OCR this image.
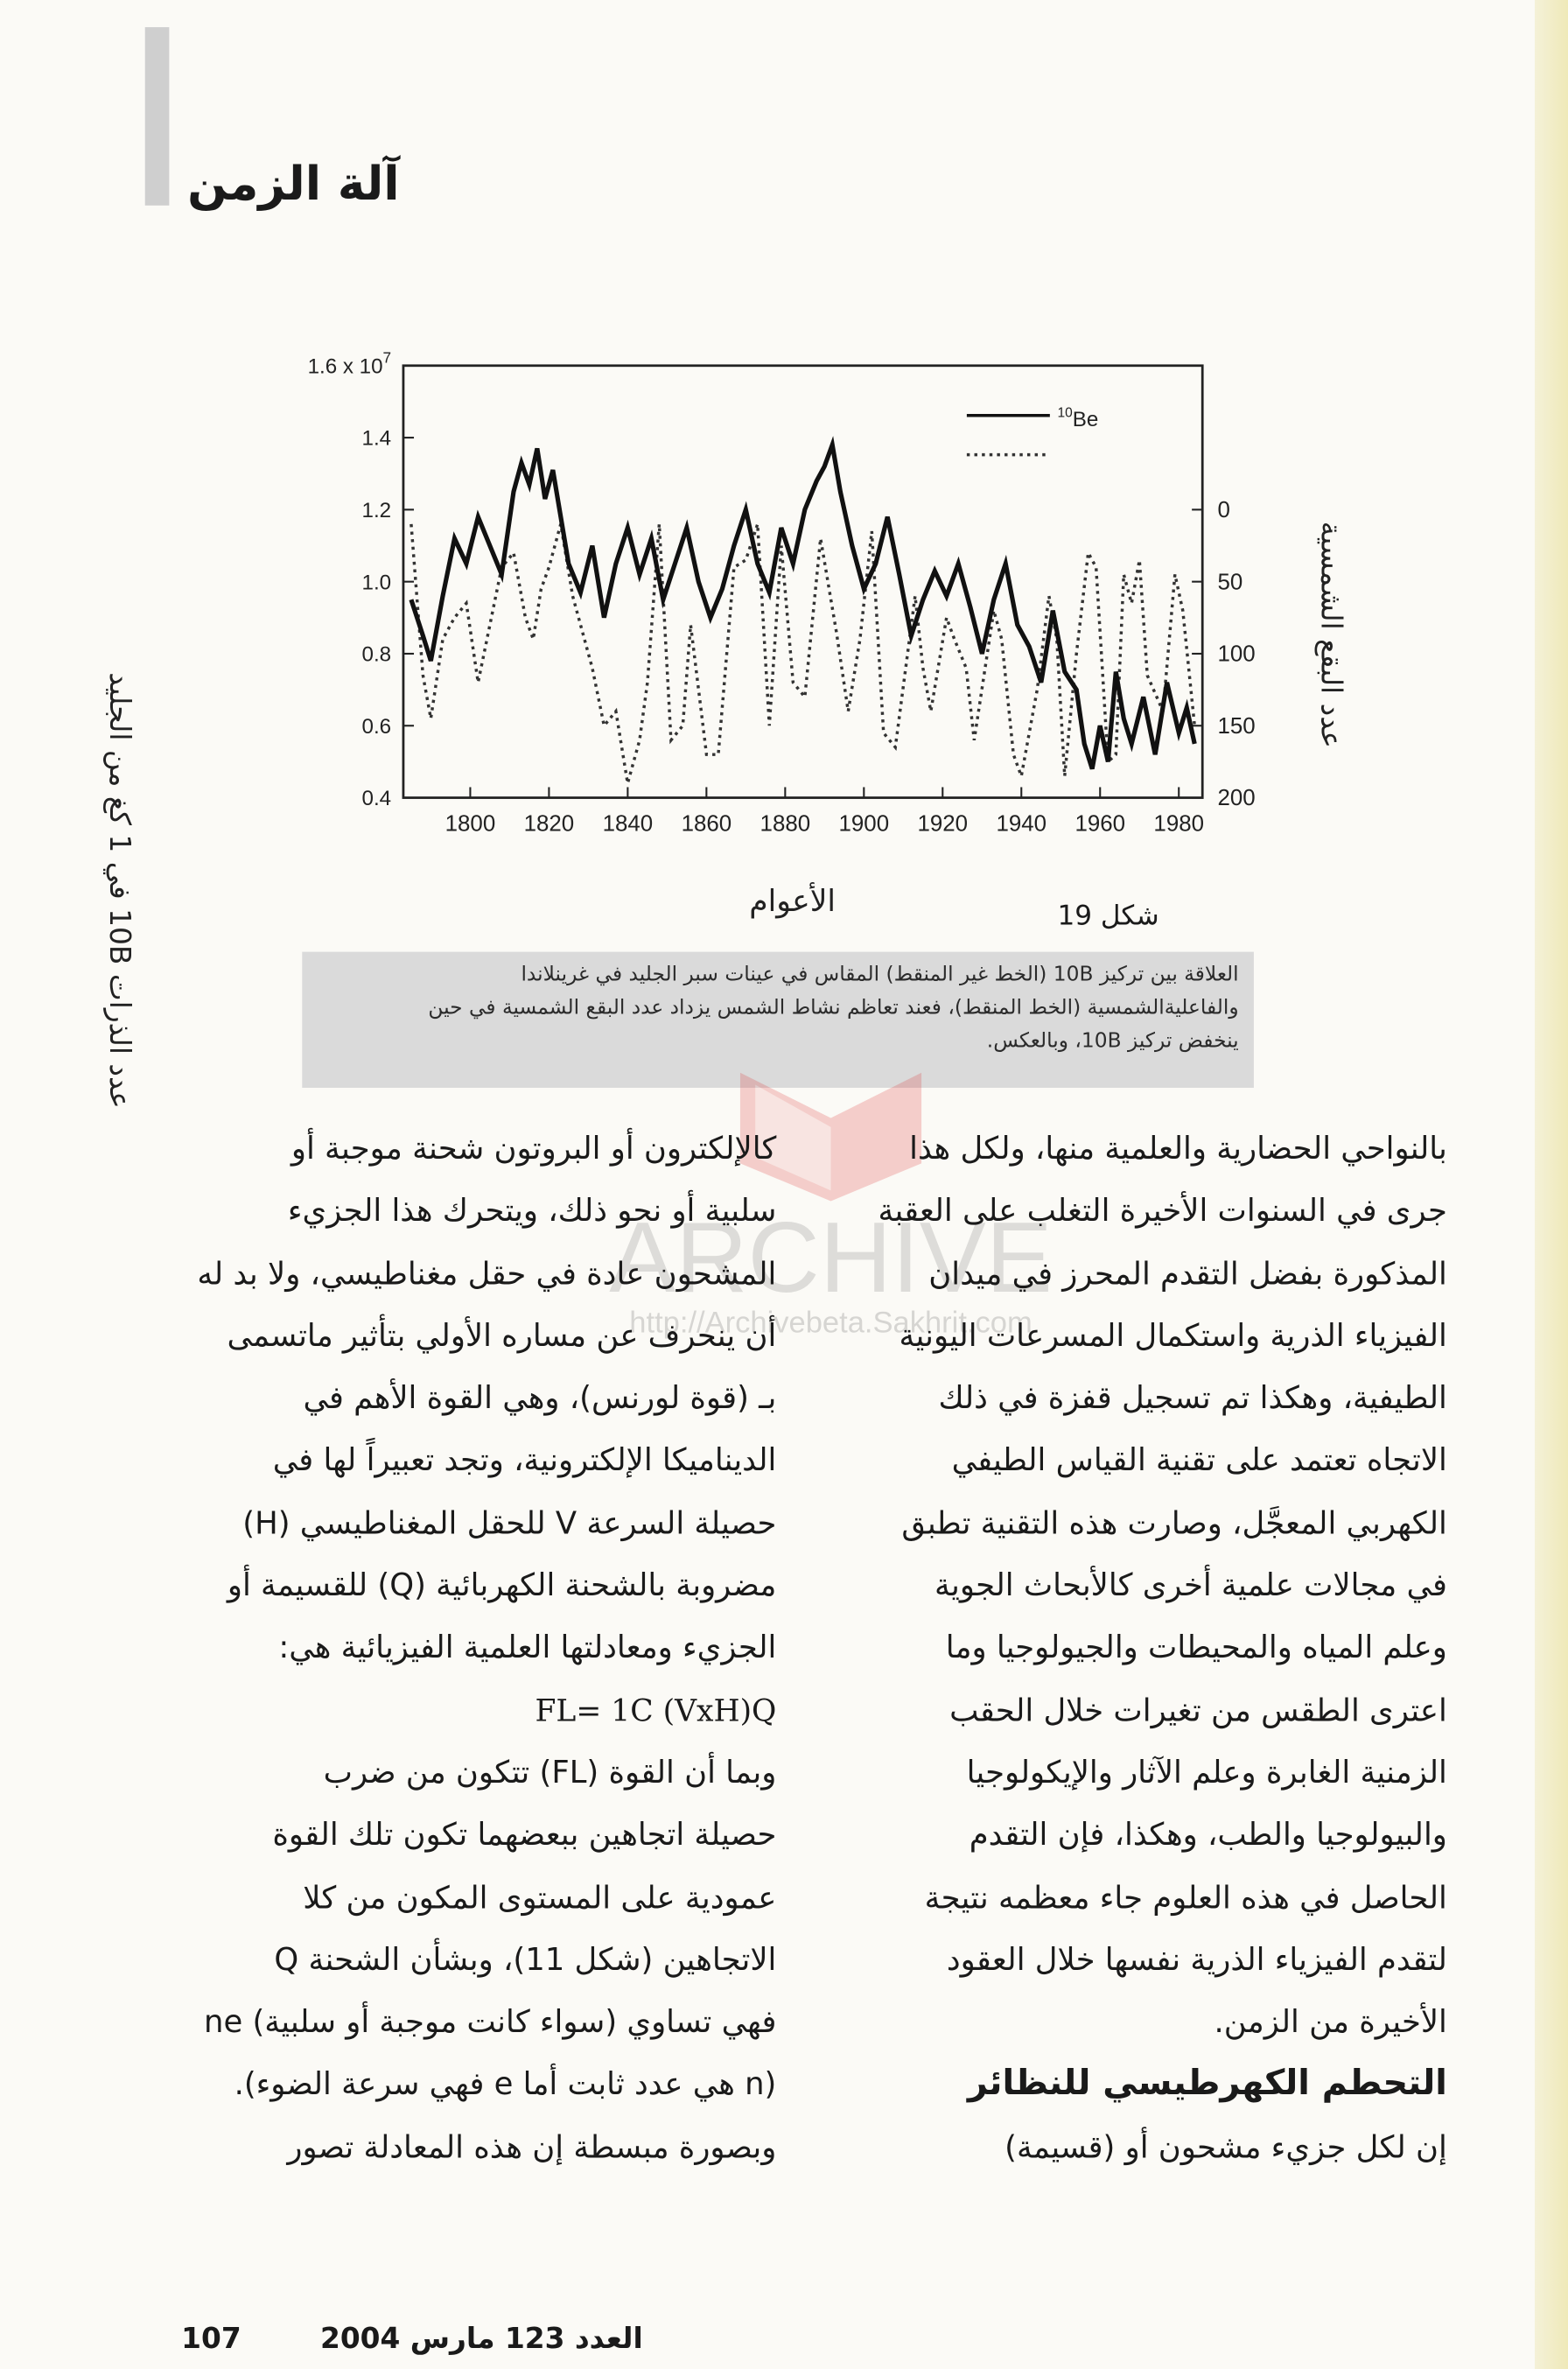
آلة الزمن
1800 1820 1840 1860 1880 1900 1920 1940 1960 1980
0.4
0.6
0.8
1.0
1.2
1.4
1.6 x $10^7$
0
50
100
150
200
$^{10}$Be
عدد الذرات 10B في 1 كغ من الجليد
عدد البقع الشمسية
الأعوام	شكل 19
العلاقة بين تركيز 10B (الخط غير المنقط) المقاس في عينات سبر الجليد في غرينلاندا
والفاعليةالشمسية (الخط المنقط)، فعند تعاظم نشاط الشمس يزداد عدد البقع الشمسية في حين
ينخفض تركيز 10B، وبالعكس.
ARCHIVE
http://Archivebeta.Sakhrit.com
بالنواحي الحضارية والعلمية منها، ولكل هذا
جرى في السنوات الأخيرة التغلب على العقبة
المذكورة بفضل التقدم المحرز في ميدان
الفيزياء الذرية واستكمال المسرعات اليونية
الطيفية، وهكذا تم تسجيل قفزة في ذلك
الاتجاه تعتمد على تقنية القياس الطيفي
الكهربي المعجَّل، وصارت هذه التقنية تطبق
في مجالات علمية أخرى كالأبحاث الجوية
وعلم المياه والمحيطات والجيولوجيا وما
اعترى الطقس من تغيرات خلال الحقب
الزمنية الغابرة وعلم الآثار والإيكولوجيا
والبيولوجيا والطب، وهكذا، فإن التقدم
الحاصل في هذه العلوم جاء معظمه نتيجة
لتقدم الفيزياء الذرية نفسها خلال العقود
الأخيرة من الزمن.
التحطم الكهرطيسي للنظائر
إن لكل جزيء مشحون أو (قسيمة)
كالإلكترون أو البروتون شحنة موجبة أو
سلبية أو نحو ذلك، ويتحرك هذا الجزيء
المشحون عادة في حقل مغناطيسي، ولا بد له
أن ينحرف عن مساره الأولي بتأثير ماتسمى
بـ (قوة لورنس)، وهي القوة الأهم في
الديناميكا الإلكترونية، وتجد تعبيراً لها في
حصيلة السرعة V للحقل المغناطيسي (H)
مضروبة بالشحنة الكهربائية (Q) للقسيمة أو
الجزيء ومعادلتها العلمية الفيزيائية هي:
FL= 1C (VxH)Q
وبما أن القوة (FL) تتكون من ضرب
حصيلة اتجاهين ببعضهما تكون تلك القوة
عمودية على المستوى المكون من كلا
الاتجاهين (شكل 11)، وبشأن الشحنة Q
فهي تساوي (سواء كانت موجبة أو سلبية) ne
(n هي عدد ثابت أما e فهي سرعة الضوء).
وبصورة مبسطة إن هذه المعادلة تصور
107	العدد 123 مارس 2004
